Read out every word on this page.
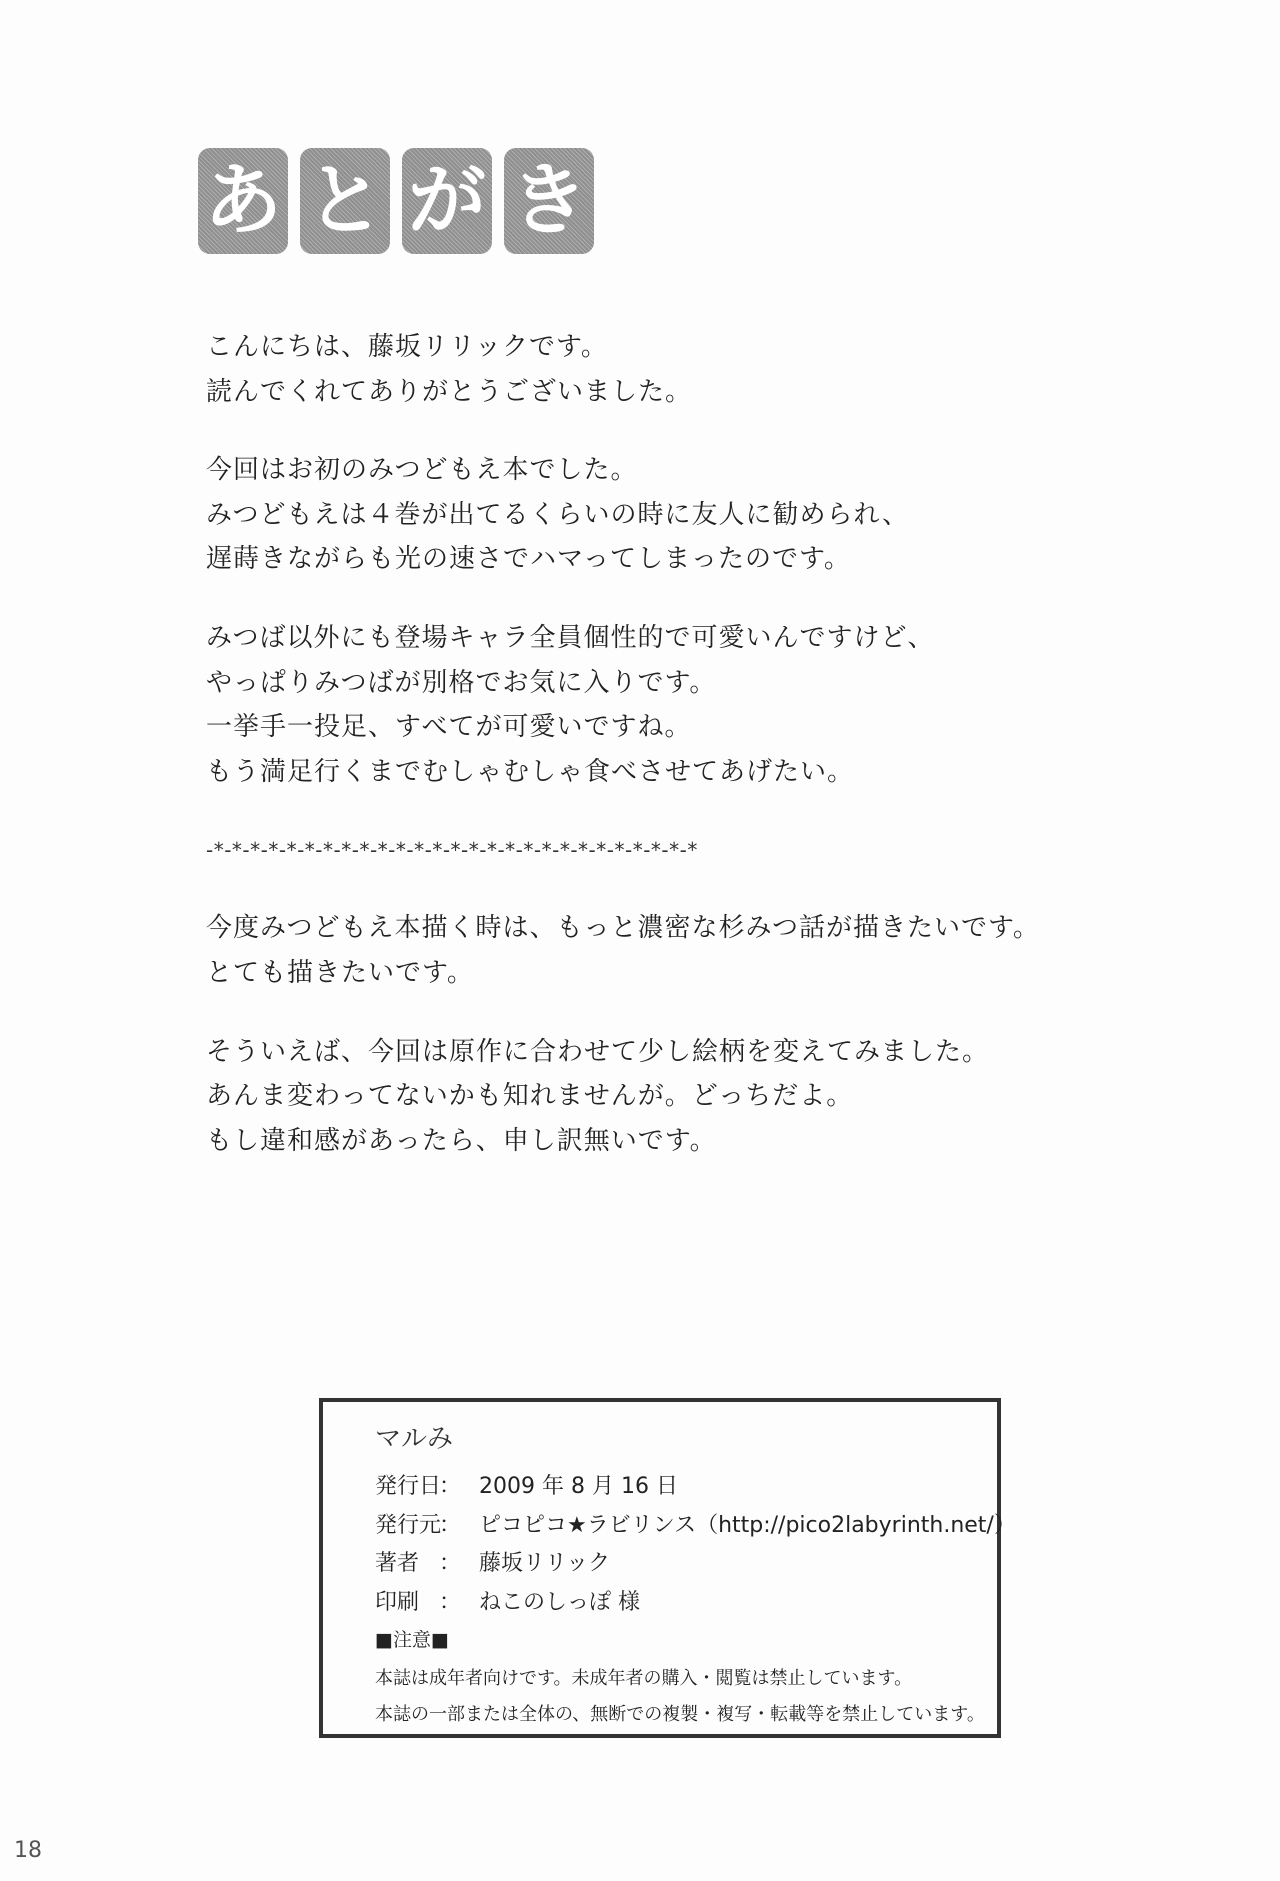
あ と が き
こんにちは、藤坂リリックです。
読んでくれてありがとうございました。
今回はお初のみつどもえ本でした。
みつどもえは４巻が出てるくらいの時に友人に勧められ、
遅蒔きながらも光の速さでハマってしまったのです。
みつば以外にも登場キャラ全員個性的で可愛いんですけど、
やっぱりみつばが別格でお気に入りです。
一挙手一投足、すべてが可愛いですね。
もう満足行くまでむしゃむしゃ食べさせてあげたい。
-*-*-*-*-*-*-*-*-*-*-*-*-*-*-*-*-*-*-*-*-*-*-*-*-*-*-*
今度みつどもえ本描く時は、もっと濃密な杉みつ話が描きたいです。
とても描きたいです。
そういえば、今回は原作に合わせて少し絵柄を変えてみました。
あんま変わってないかも知れませんが。どっちだよ。
もし違和感があったら、申し訳無いです。
マルみ
発行日
： 2009 年 8 月 16 日
発行元
： ピコピコ★ラビリンス（http://pico2labyrinth.net/）
著者 ： 藤坂リリック
印刷 ： ねこのしっぽ 様
■注意■
本誌は成年者向けです。未成年者の購入・閲覧は禁止しています。
本誌の一部または全体の、無断での複製・複写・転載等を禁止しています。
18
